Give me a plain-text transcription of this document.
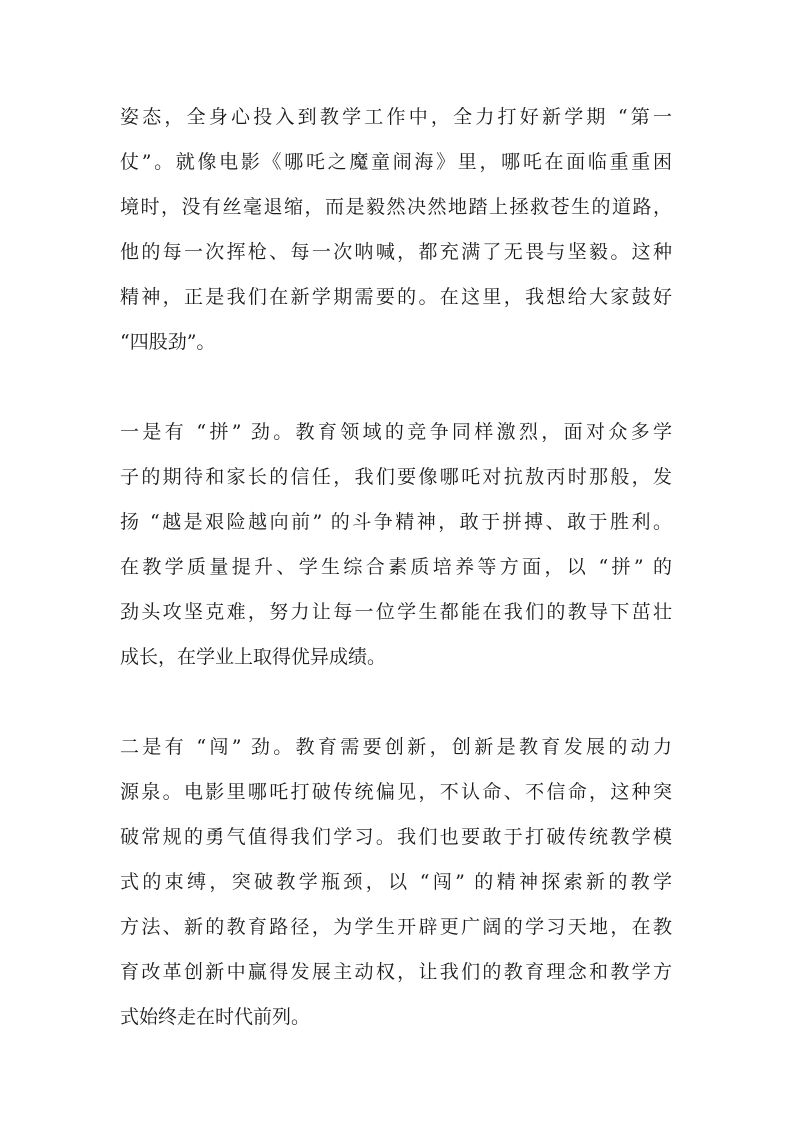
姿态，全身心投入到教学工作中，全力打好新学期 “第一
仗”。就像电影《哪吒之魔童闹海》里，哪吒在面临重重困
境时，没有丝毫退缩，而是毅然决然地踏上拯救苍生的道路，
他的每一次挥枪、每一次呐喊，都充满了无畏与坚毅。这种
精神，正是我们在新学期需要的。在这里，我想给大家鼓好
“四股劲”。
一是有 “拼” 劲。教育领域的竞争同样激烈，面对众多学
子的期待和家长的信任，我们要像哪吒对抗敖丙时那般，发
扬 “越是艰险越向前” 的斗争精神，敢于拼搏、敢于胜利。
在教学质量提升、学生综合素质培养等方面，以 “拼” 的
劲头攻坚克难，努力让每一位学生都能在我们的教导下茁壮
成长，在学业上取得优异成绩。
二是有 “闯” 劲。教育需要创新，创新是教育发展的动力
源泉。电影里哪吒打破传统偏见，不认命、不信命，这种突
破常规的勇气值得我们学习。我们也要敢于打破传统教学模
式的束缚，突破教学瓶颈，以 “闯” 的精神探索新的教学
方法、新的教育路径，为学生开辟更广阔的学习天地，在教
育改革创新中赢得发展主动权，让我们的教育理念和教学方
式始终走在时代前列。
